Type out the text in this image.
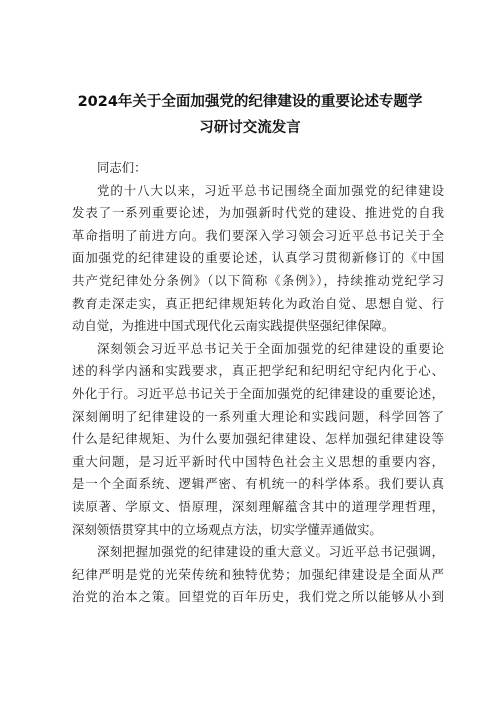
2024年关于全面加强党的纪律建设的重要论述专题学
习研讨交流发言
同志们：
党的十八大以来，习近平总书记围绕全面加强党的纪律建设
发表了一系列重要论述，为加强新时代党的建设、推进党的自我
革命指明了前进方向。我们要深入学习领会习近平总书记关于全
面加强党的纪律建设的重要论述，认真学习贯彻新修订的《中国
共产党纪律处分条例》（以下简称《条例》），持续推动党纪学习
教育走深走实，真正把纪律规矩转化为政治自觉、思想自觉、行
动自觉，为推进中国式现代化云南实践提供坚强纪律保障。
深刻领会习近平总书记关于全面加强党的纪律建设的重要论
述的科学内涵和实践要求，真正把学纪和纪明纪守纪内化于心、
外化于行。习近平总书记关于全面加强党的纪律建设的重要论述，
深刻阐明了纪律建设的一系列重大理论和实践问题，科学回答了
什么是纪律规矩、为什么要加强纪律建设、怎样加强纪律建设等
重大问题，是习近平新时代中国特色社会主义思想的重要内容，
是一个全面系统、逻辑严密、有机统一的科学体系。我们要认真
读原著、学原文、悟原理，深刻理解蕴含其中的道理学理哲理，
深刻领悟贯穿其中的立场观点方法，切实学懂弄通做实。
深刻把握加强党的纪律建设的重大意义。习近平总书记强调，
纪律严明是党的光荣传统和独特优势；加强纪律建设是全面从严
治党的治本之策。回望党的百年历史，我们党之所以能够从小到
